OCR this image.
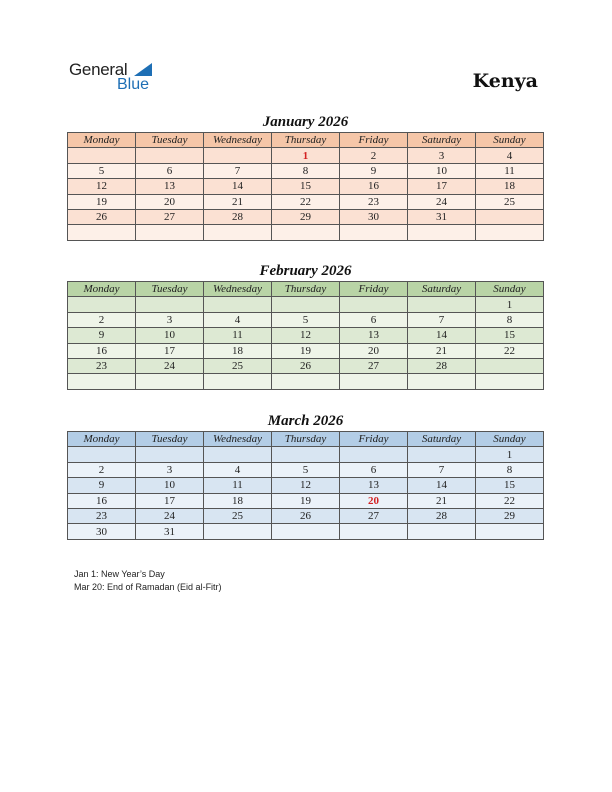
General
Blue	Kenya
January 2026
Monday	Tuesday	Wednesday	Thursday	Friday	Saturday	Sunday
			1	2	3	4
5	6	7	8	9	10	11
12	13	14	15	16	17	18
19	20	21	22	23	24	25
26	27	28	29	30	31	

February 2026
Monday	Tuesday	Wednesday	Thursday	Friday	Saturday	Sunday
						1
2	3	4	5	6	7	8
9	10	11	12	13	14	15
16	17	18	19	20	21	22
23	24	25	26	27	28	

March 2026
Monday	Tuesday	Wednesday	Thursday	Friday	Saturday	Sunday
						1
2	3	4	5	6	7	8
9	10	11	12	13	14	15
16	17	18	19	20	21	22
23	24	25	26	27	28	29
30	31					
Jan 1: New Year’s Day
Mar 20: End of Ramadan (Eid al-Fitr)
